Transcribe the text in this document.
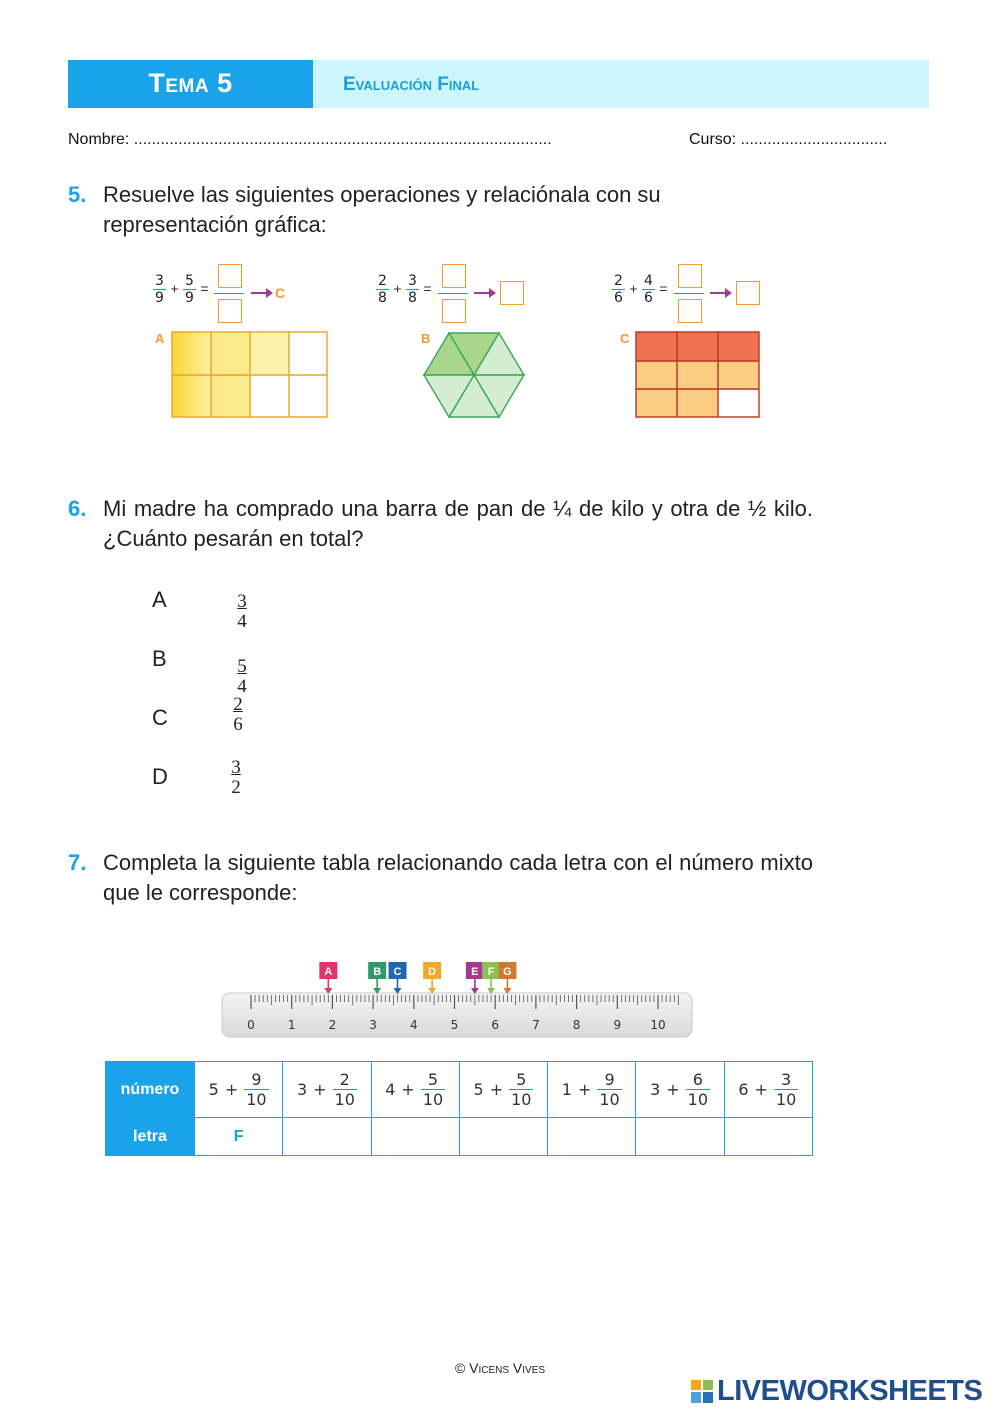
Tema 5	Evaluación Final
Nombre: ..............................................................................................	Curso: .................................
5. Resuelve las siguientes operaciones y relaciónala con su representación gráfica:
$\frac{3}{9} + \frac{5}{9}$ =	C	$\frac{2}{8} + \frac{3}{8}$ =	$\frac{2}{6} + \frac{4}{6}$ =
A	B	C
6. Mi madre ha comprado una barra de pan de ¼ de kilo y otra de ½ kilo. ¿Cuánto pesarán en total?
A	3
4
B	5
4
C
2
6
D	3
2
7. Completa la siguiente tabla relacionando cada letra con el número mixto que le corresponde:
0	1	2	3	4	5	6	7	8	9 10
A	B C D	E F G
número	$5 + \frac{9}{10}$	$3 + \frac{2}{10}$	$4 + \frac{5}{10}$	$5 + \frac{5}{10}$	$1 + \frac{9}{10}$	$3 + \frac{6}{10}$	$6 + \frac{3}{10}$

letra	F						
© Vicens Vives
LIVEWORKSHEETS
